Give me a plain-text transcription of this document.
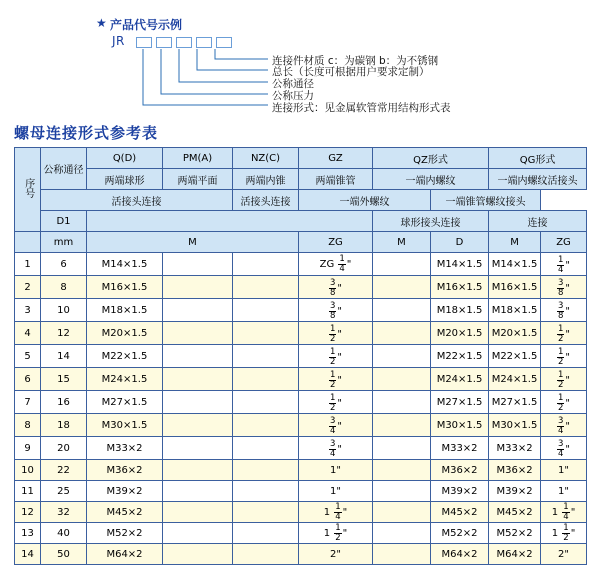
★ 产品代号示例
JR
连接件材质 c：为碳钢 b：为不锈钢
总长（长度可根据用户要求定制）
公称通径
公称压力
连接形式：见金属软管常用结构形式表
螺母连接形式参考表
序号	公称通径	Q(D)	PM(A)	NZ(C)	GZ	QZ形式		QG形式	
		两端球形	两端平面	两端内锥	两端锥管	一端内螺纹		一端内螺纹活接头	
	活接头连接			活接头连接	一端外螺纹		一端锥管螺纹接头		
	D1					球形接头连接		连接	
	mm	M			ZG	M	D	M	ZG
1	6	M14×1.5			ZG $\frac{1}{4}$ "		M14×1.5	M14×1.5	$\frac{1}{4}$ "
2	8	M16×1.5			$\frac{3}{8}$ "		M16×1.5	M16×1.5	$\frac{3}{8}$ "
3	10	M18×1.5			$\frac{3}{8}$ "		M18×1.5	M18×1.5	$\frac{3}{8}$ "
4	12	M20×1.5			$\frac{1}{2}$ "		M20×1.5	M20×1.5	$\frac{1}{2}$ "
5	14	M22×1.5			$\frac{1}{2}$ "		M22×1.5	M22×1.5	$\frac{1}{2}$ "
6	15	M24×1.5			$\frac{1}{2}$ "		M24×1.5	M24×1.5	$\frac{1}{2}$ "
7	16	M27×1.5			$\frac{1}{2}$ "		M27×1.5	M27×1.5	$\frac{1}{2}$ "
8	18	M30×1.5			$\frac{3}{4}$ "		M30×1.5	M30×1.5	$\frac{3}{4}$ "
9	20	M33×2			$\frac{3}{4}$ "		M33×2	M33×2	$\frac{3}{4}$ "
10	22	M36×2			1"		M36×2	M36×2	1"
11	25	M39×2			1"		M39×2	M39×2	1"
12	32	M45×2			$1 \frac{1}{4}$ "		M45×2	M45×2	$1 \frac{1}{4}$ "
13	40	M52×2			$1 \frac{1}{2}$ "		M52×2	M52×2	$1 \frac{1}{2}$ "
14	50	M64×2			2"		M64×2	M64×2	2"
